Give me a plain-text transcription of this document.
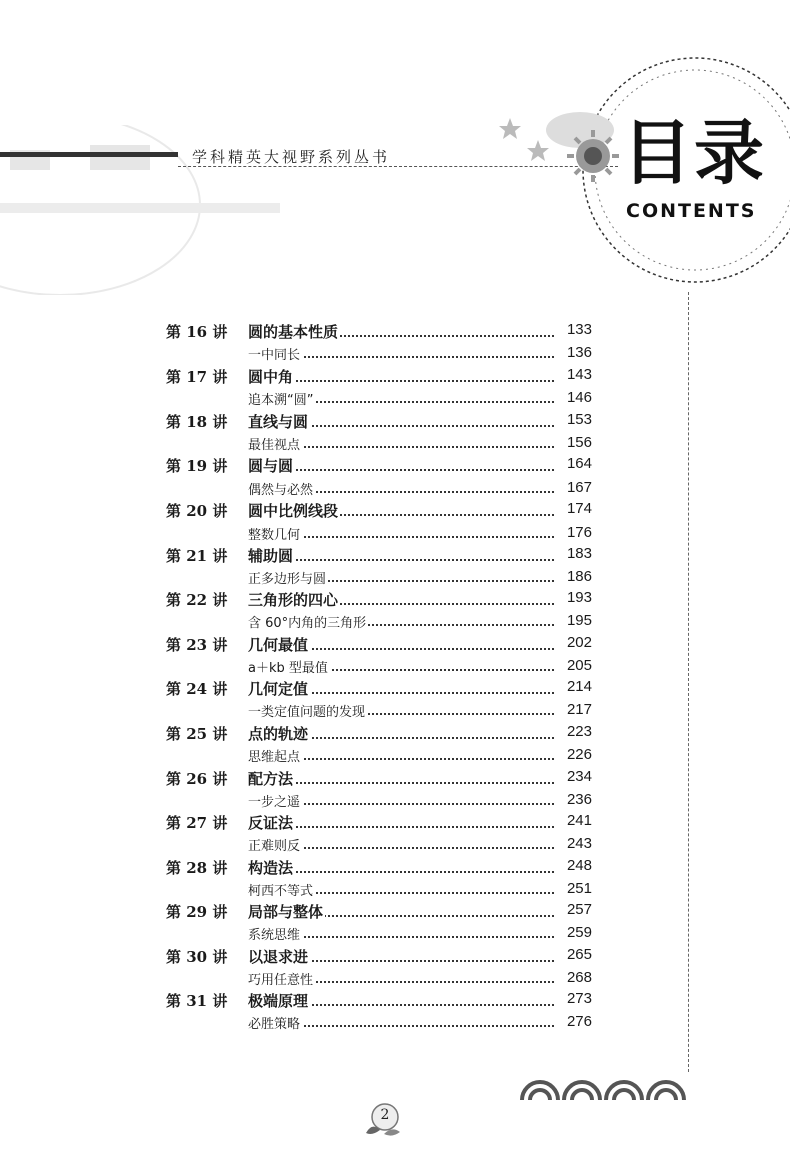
学科精英大视野系列丛书	目录
CONTENTS
第 16 讲 圆的基本性质	133
一中同长	136
第 17 讲 圆中角	143
追本溯“圆”	146
第 18 讲 直线与圆	153
最佳视点	156
第 19 讲 圆与圆	164
偶然与必然	167
第 20 讲 圆中比例线段	174
整数几何	176
第 21 讲 辅助圆	183
正多边形与圆	186
第 22 讲 三角形的四心	193
含 60°内角的三角形	195
第 23 讲 几何最值	202
a＋kb 型最值	205
第 24 讲 几何定值	214
一类定值问题的发现	217
第 25 讲 点的轨迹	223
思维起点	226
第 26 讲 配方法	234
一步之遥	236
第 27 讲 反证法	241
正难则反	243
第 28 讲 构造法	248
柯西不等式	251
第 29 讲 局部与整体	257
系统思维	259
第 30 讲 以退求进	265
巧用任意性	268
第 31 讲 极端原理	273
必胜策略	276
2
